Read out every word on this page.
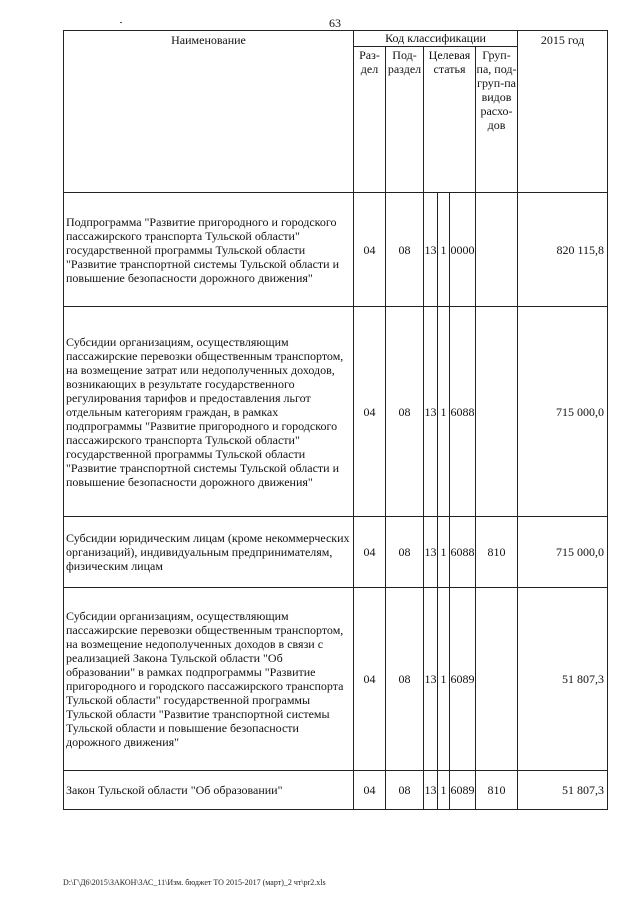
63
Наименование	Код классификации						2015 год
	Раз-дел	Под-раздел	Целевая статья			Груп-па, под-груп-па видов расхо-дов	
Подпрограмма "Развитие пригородного и городского пассажирского транспорта Тульской области" государственной программы Тульской области "Развитие транспортной системы Тульской области и повышение безопасности дорожного движения"	04	08	13	1	0000		820 115,8
Субсидии организациям, осуществляющим пассажирские перевозки общественным транспортом, на возмещение затрат или недополученных доходов, возникающих в результате государственного регулирования тарифов и предоставления льгот отдельным категориям граждан, в рамках подпрограммы "Развитие пригородного и городского пассажирского транспорта Тульской области" государственной программы Тульской области "Развитие транспортной системы Тульской области и повышение безопасности дорожного движения"	04	08	13	1	6088		715 000,0
Субсидии юридическим лицам (кроме некоммерческих организаций), индивидуальным предпринимателям, физическим лицам	04	08	13	1	6088	810	715 000,0
Субсидии организациям, осуществляющим пассажирские перевозки общественным транспортом, на возмещение недополученных доходов в связи с реализацией Закона Тульской области "Об образовании" в рамках подпрограммы "Развитие пригородного и городского пассажирского транспорта Тульской области" государственной программы Тульской области "Развитие транспортной системы Тульской области и повышение безопасности дорожного движения"	04	08	13	1	6089		51 807,3
Закон Тульской области "Об образовании"	04	08	13	1	6089	810	51 807,3
D:\Г\Д6\2015\ЗАКОН\ЗАС_11\Изм. бюджет ТО 2015-2017 (март)_2 чт\pr2.xls
